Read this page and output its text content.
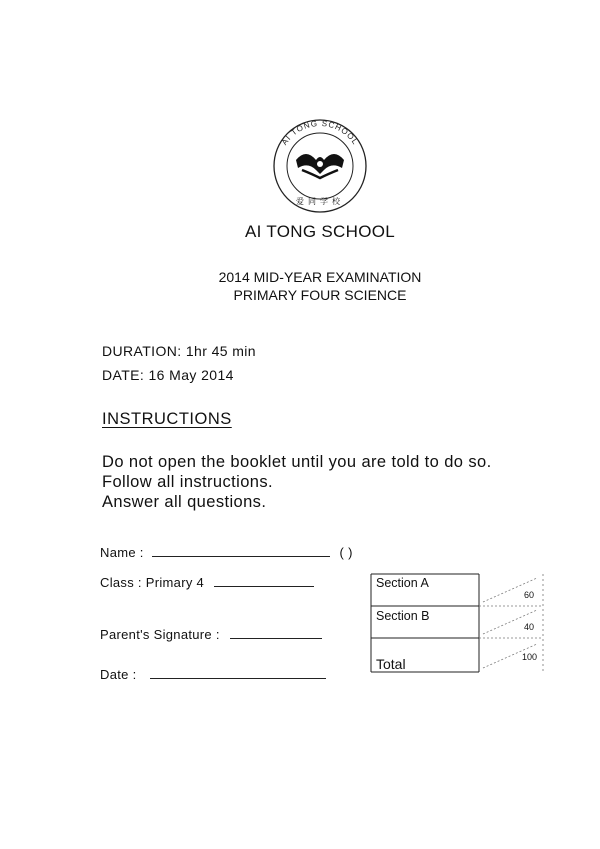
AI TONG SCHOOL
爱同学校
AI TONG SCHOOL
2014 MID-YEAR EXAMINATION
PRIMARY FOUR SCIENCE
DURATION: 1hr 45 min
DATE: 16 May 2014
INSTRUCTIONS
Do not open the booklet until you are told to do so.
Follow all instructions.
Answer all questions.
Name :	( )
Class : Primary 4
Parent's Signature :
Date :
Section A
60
Section B
40
Total	100
